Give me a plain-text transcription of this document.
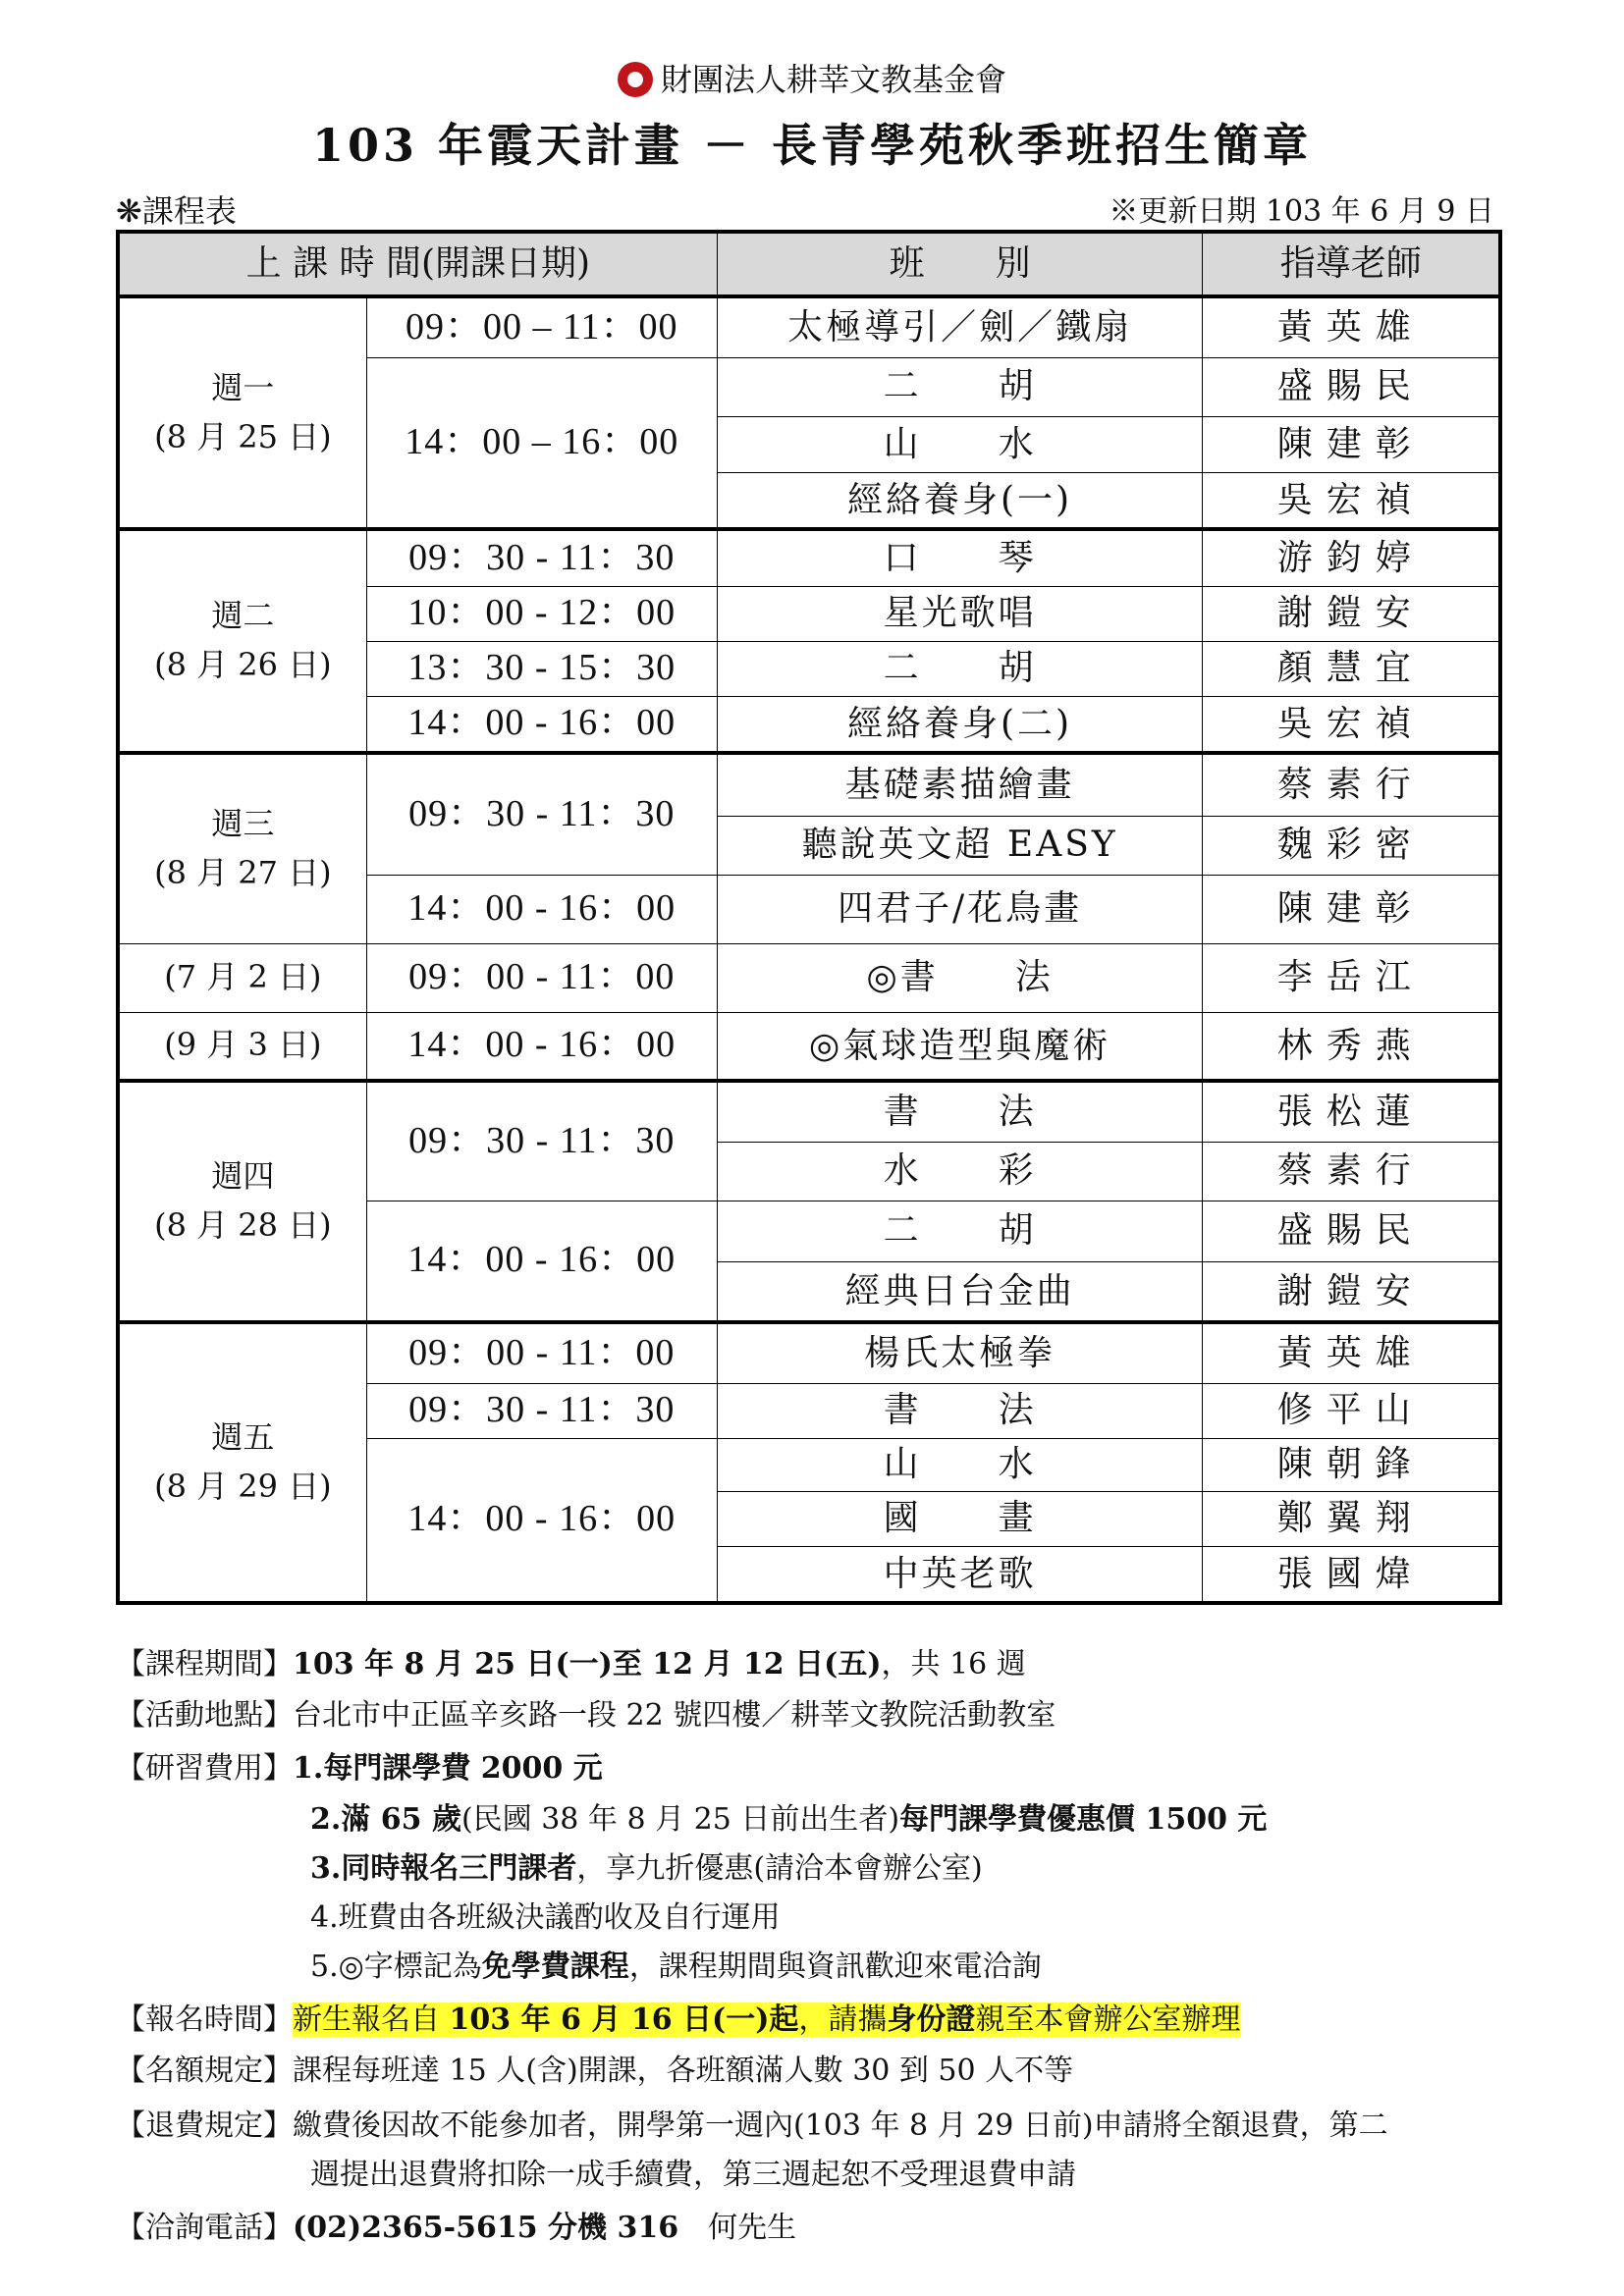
財團法人耕莘文教基金會
103 年霞天計畫 － 長青學苑秋季班招生簡章
❋課程表	※更新日期 103 年 6 月 9 日
上 課 時 間(開課日期)		班　　別	指導老師

週一
(8 月 25 日)	09：00 – 11：00	太極導引／劍／鐵扇	黃英雄
	14：00 – 16：00	二　　胡	盛賜民
		山　　水	陳建彰
		經絡養身(一)	吳宏禎

週二
(8 月 26 日)	09：30 - 11：30	口　　琴	游鈞婷
	10：00 - 12：00	星光歌唱	謝鎧安
	13：30 - 15：30	二　　胡	顏慧宜
	14：00 - 16：00	經絡養身(二)	吳宏禎

週三
(8 月 27 日)	09：30 - 11：30	基礎素描繪畫	蔡素行
		聽說英文超 EASY	魏彩密
	14：00 - 16：00	四君子/花鳥畫	陳建彰
(7 月 2 日)	09：00 - 11：00	◎書　　法	李岳江
(9 月 3 日)	14：00 - 16：00	◎氣球造型與魔術	林秀燕

週四
(8 月 28 日)	09：30 - 11：30	書　　法	張松蓮
		水　　彩	蔡素行
	14：00 - 16：00	二　　胡	盛賜民
		經典日台金曲	謝鎧安

週五
(8 月 29 日)	09：00 - 11：00	楊氏太極拳	黃英雄
	09：30 - 11：30	書　　法	修平山
	14：00 - 16：00	山　　水	陳朝鋒
		國　　畫	鄭翼翔
		中英老歌	張國煒
【課程期間】103 年 8 月 25 日(一)至 12 月 12 日(五)，共 16 週
【活動地點】台北市中正區辛亥路一段 22 號四樓／耕莘文教院活動教室
【研習費用】1.每門課學費 2000 元
2.滿 65 歲(民國 38 年 8 月 25 日前出生者)每門課學費優惠價 1500 元
3.同時報名三門課者，享九折優惠(請洽本會辦公室)
4.班費由各班級決議酌收及自行運用
5.◎字標記為免學費課程，課程期間與資訊歡迎來電洽詢
【報名時間】新生報名自 103 年 6 月 16 日(一)起，請攜身份證親至本會辦公室辦理
【名額規定】課程每班達 15 人(含)開課，各班額滿人數 30 到 50 人不等
【退費規定】繳費後因故不能參加者，開學第一週內(103 年 8 月 29 日前)申請將全額退費，第二
週提出退費將扣除一成手續費，第三週起恕不受理退費申請
【洽詢電話】(02)2365-5615 分機 316　 何先生
